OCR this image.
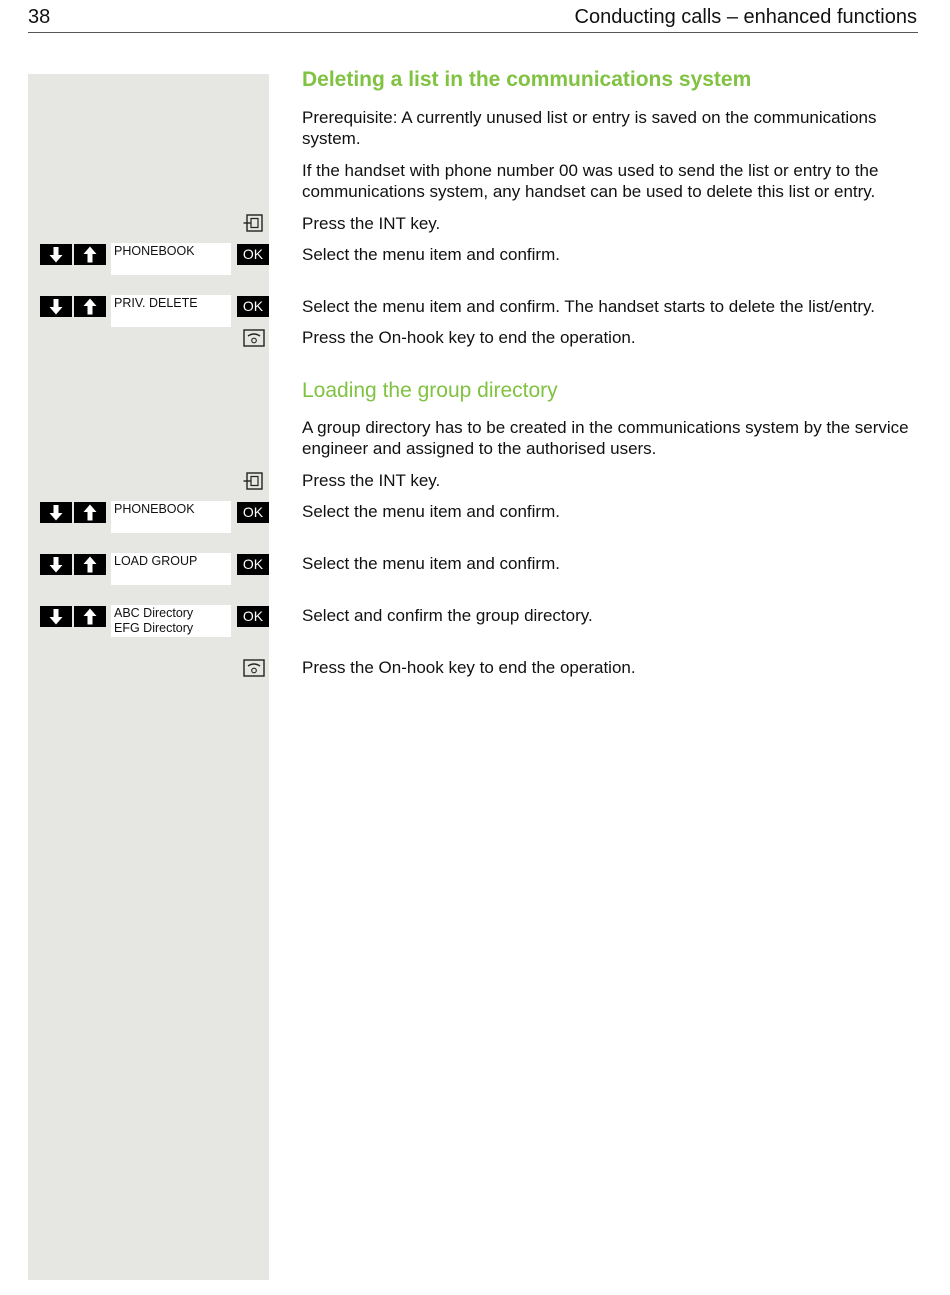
38	Conducting calls – enhanced functions
Deleting a list in the communications system
Prerequisite: A currently unused list or entry is saved on the communications system.
If the handset with phone number 00 was used to send the list or entry to the communications system, any handset can be used to delete this list or entry.
Press the INT key.
PHONEBOOK	OK	Select the menu item and confirm.
PRIV. DELETE	OK	Select the menu item and confirm. The handset starts to delete the list/entry.
Press the On-hook key to end the operation.
Loading the group directory
A group directory has to be created in the communications system by the service engineer and assigned to the authorised users.
Press the INT key.
PHONEBOOK	OK	Select the menu item and confirm.
LOAD GROUP	OK	Select the menu item and confirm.
ABC Directory
EFG Directory
OK	Select and confirm the group directory.
Press the On-hook key to end the operation.
